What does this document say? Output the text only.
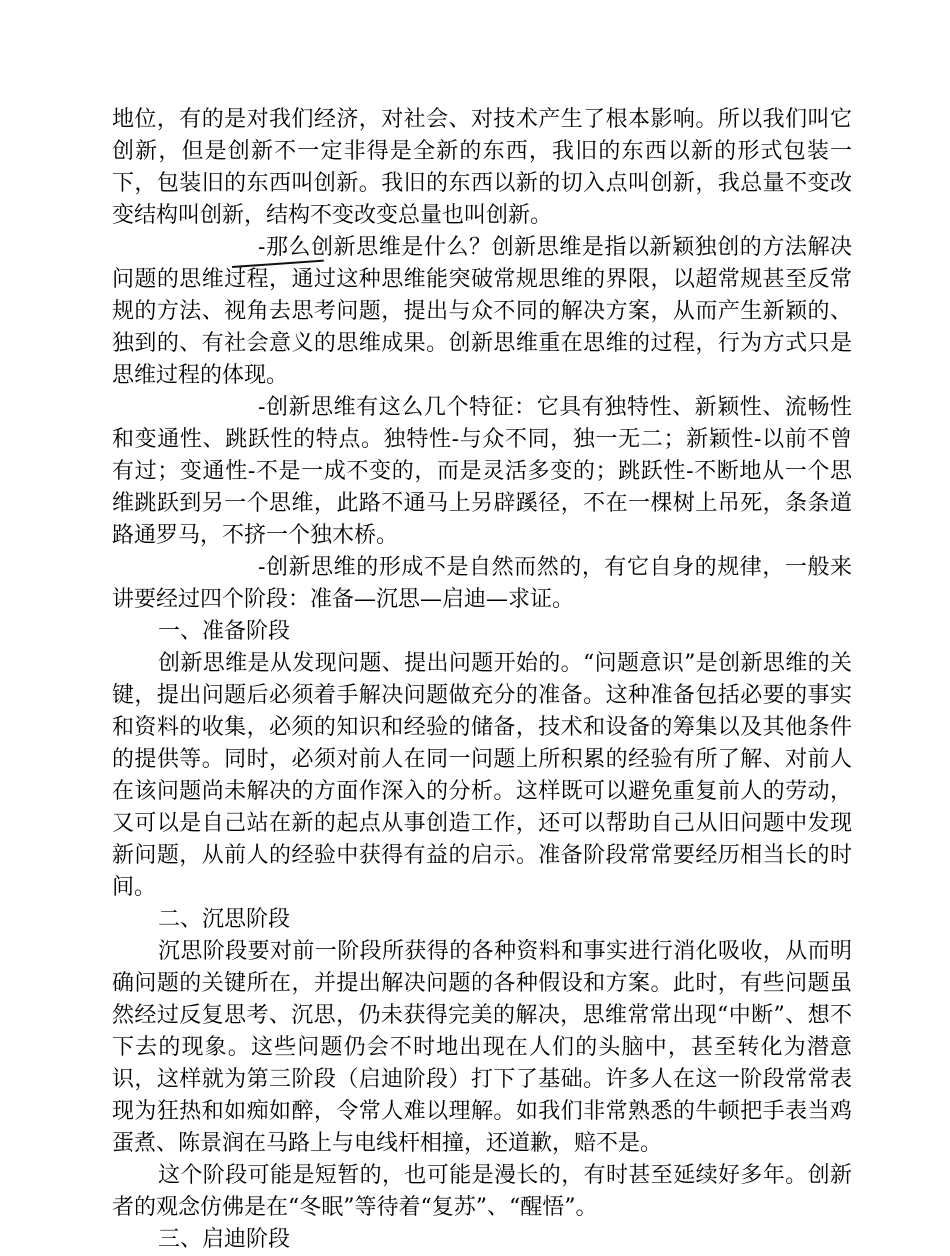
地位，有的是对我们经济，对社会、对技术产生了根本影响。所以我们叫它创新，但是创新不一定非得是全新的东西，我旧的东西以新的形式包装一下，包装旧的东西叫创新。我旧的东西以新的切入点叫创新，我总量不变改变结构叫创新，结构不变改变总量也叫创新。

-那么创新思维是什么？创新思维是指以新颖独创的方法解决问题的思维过程，通过这种思维能突破常规思维的界限，以超常规甚至反常规的方法、视角去思考问题，提出与众不同的解决方案，从而产生新颖的、独到的、有社会意义的思维成果。创新思维重在思维的过程，行为方式只是思维过程的体现。

-创新思维有这么几个特征：它具有独特性、新颖性、流畅性和变通性、跳跃性的特点。独特性-与众不同，独一无二；新颖性-以前不曾有过；变通性-不是一成不变的，而是灵活多变的；跳跃性-不断地从一个思维跳跃到另一个思维，此路不通马上另辟蹊径，不在一棵树上吊死，条条道路通罗马，不挤一个独木桥。

-创新思维的形成不是自然而然的，有它自身的规律，一般来讲要经过四个阶段：准备—沉思—启迪—求证。

一、准备阶段

创新思维是从发现问题、提出问题开始的。“问题意识”是创新思维的关键，提出问题后必须着手解决问题做充分的准备。这种准备包括必要的事实和资料的收集，必须的知识和经验的储备，技术和设备的筹集以及其他条件的提供等。同时，必须对前人在同一问题上所积累的经验有所了解、对前人在该问题尚未解决的方面作深入的分析。这样既可以避免重复前人的劳动，又可以是自己站在新的起点从事创造工作，还可以帮助自己从旧问题中发现新问题，从前人的经验中获得有益的启示。准备阶段常常要经历相当长的时间。

二、沉思阶段

沉思阶段要对前一阶段所获得的各种资料和事实进行消化吸收，从而明确问题的关键所在，并提出解决问题的各种假设和方案。此时，有些问题虽然经过反复思考、沉思，仍未获得完美的解决，思维常常出现“中断”、想不下去的现象。这些问题仍会不时地出现在人们的头脑中，甚至转化为潜意识，这样就为第三阶段（启迪阶段）打下了基础。许多人在这一阶段常常表现为狂热和如痴如醉，令常人难以理解。如我们非常熟悉的牛顿把手表当鸡蛋煮、陈景润在马路上与电线杆相撞，还道歉，赔不是。

这个阶段可能是短暂的，也可能是漫长的，有时甚至延续好多年。创新者的观念仿佛是在“冬眠”等待着“复苏”、“醒悟”。

三、启迪阶段
